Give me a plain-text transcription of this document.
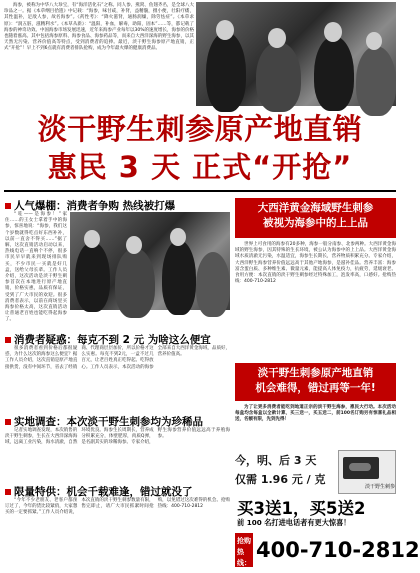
海参，被称为中华八大珍宝，有“海洋活化石”之称。同人参、燕窝、鱼翅齐名，是全球八大珍品之一。据《本草纲目拾遗》中记载：“海参，味甘咸，补肾，益精髓，摄小便，壮阳疗痿，其性温补，足敌人参，故名海参”。《药性考》：“降火滋肾，通肠润燥，除劳怯症”。《本草求原》：“润五脏，滋精利水”。《本草从新》：“温阳，补血，解毒，助阳，固本”……等，都记载了海参的神奇功效。中国海参市场发展迅速，近年来海参产业每年以30%的速度增长，海参的价格也随着涨高。其中包括海参原料、海参食品、海参药品等，而来自大西洋深海的野生海参，以其天然无污染、营养价值高等特点，受到消费者的追捧。最近，淡干野生海参原产地直销，正式“开抢”！早上不到6点就有消费者排队抢购，成为今年最火爆的健康消费品。

淡干野生刺参原产地直销
惠民 3 天 正式“开抢”
人气爆棚：消费者争购 热线被打爆

“哇——是海参！”家住……的王女士拿着手中的海参，惊喜地说：“海参，我们这个岁数就得吃点好东西补补，以前一直舍不得买……”据了解，这次直销活动启动以来，热线电话一直响个不停，很多市民早早就来到现场排队购买，不少市民一买就是好几盒，送给父母长辈。工作人员介绍，这次活动是淡干野生刺参首次在本地进行原产地直销，价格实惠，品质有保证，受到了广大市民的欢迎。很多消费者表示，以前在商场里买海参价格太高，这次直销活动让普通老百姓也能吃得起海参了。

消费者疑惑：每克不到 2 元 为啥这么便宜

很多消费者看到价格后都很疑惑，为什么这次的海参这么便宜？据工作人员介绍，这次直销是原产地直接供货，没有中间环节，省去了经销商、代理商层层加价，所以价格才这么实惠。每克不到2元，一盒不过几百元，让老百姓真正吃得起、吃得放心。工作人员表示，本次活动的海参全部来自大西洋黄金海域，品质好，营养价值高。

实地调查：本次淡干野生刺参均为珍稀品

记者实地调查发现，本次销售的淡干野生刺参，生长在大西洋深海海域，远离工业污染，海水清澈，自然环境优良。海参生长周期长，营养成分积累充分，体壁肥厚，肉质Q弹，是名副其实的珍稀海参。专家介绍，野生海参营养价值远远高于养殖海参。

限量特供：机会千载难逢，错过就没了

“今年不少老朋友、老客户都预订过了，今年的货比较紧俏，大家想买的一定要抓紧。”工作人员介绍说，本次直销的淡干野生刺参数量有限，售完即止，请广大市民抓紧时间抢购，以免错过这次难得的机会。抢购热线：400-710-2812

大西洋黄金海域野生刺参
被视为海参中的上上品

世界上可食用的海参有20多种，海参一般分南参、北参两种。大西洋黄金海域的野生海参，因其特殊的生长环境，被公认为海参中的上上品。大西洋黄金海域水质清澈无污染，水温适宜，海参生长期长，营养物质积累充分。专家介绍，大西洋野生海参营养价值远远高于其他产地海参，是滋补佳品。营养丰富：海参富含蛋白质、多种维生素、微量元素，能提高人体免疫力，抗疲劳，延缓衰老。食用方便：本次直销的淡干野生刺参经过特殊加工，泡发率高，口感好。抢购热线：400-710-2812

淡干野生刺参原产地直销
机会难得，错过再等一年!

为了让更多消费者能吃到地道正宗的淡干野生海参，惠民大行动。本次活动每盒均含每盒以全款计算，买三送一，买五送二，前100名订购另有惊喜礼品相送，名额有限，先到先得！

今，明、后 3 天
仅需 1.96 元 / 克
淡干野生刺参
买3送1，买5送2
前 100 名打进电话者有更大惊喜！
抢购热线：
400-710-2812
